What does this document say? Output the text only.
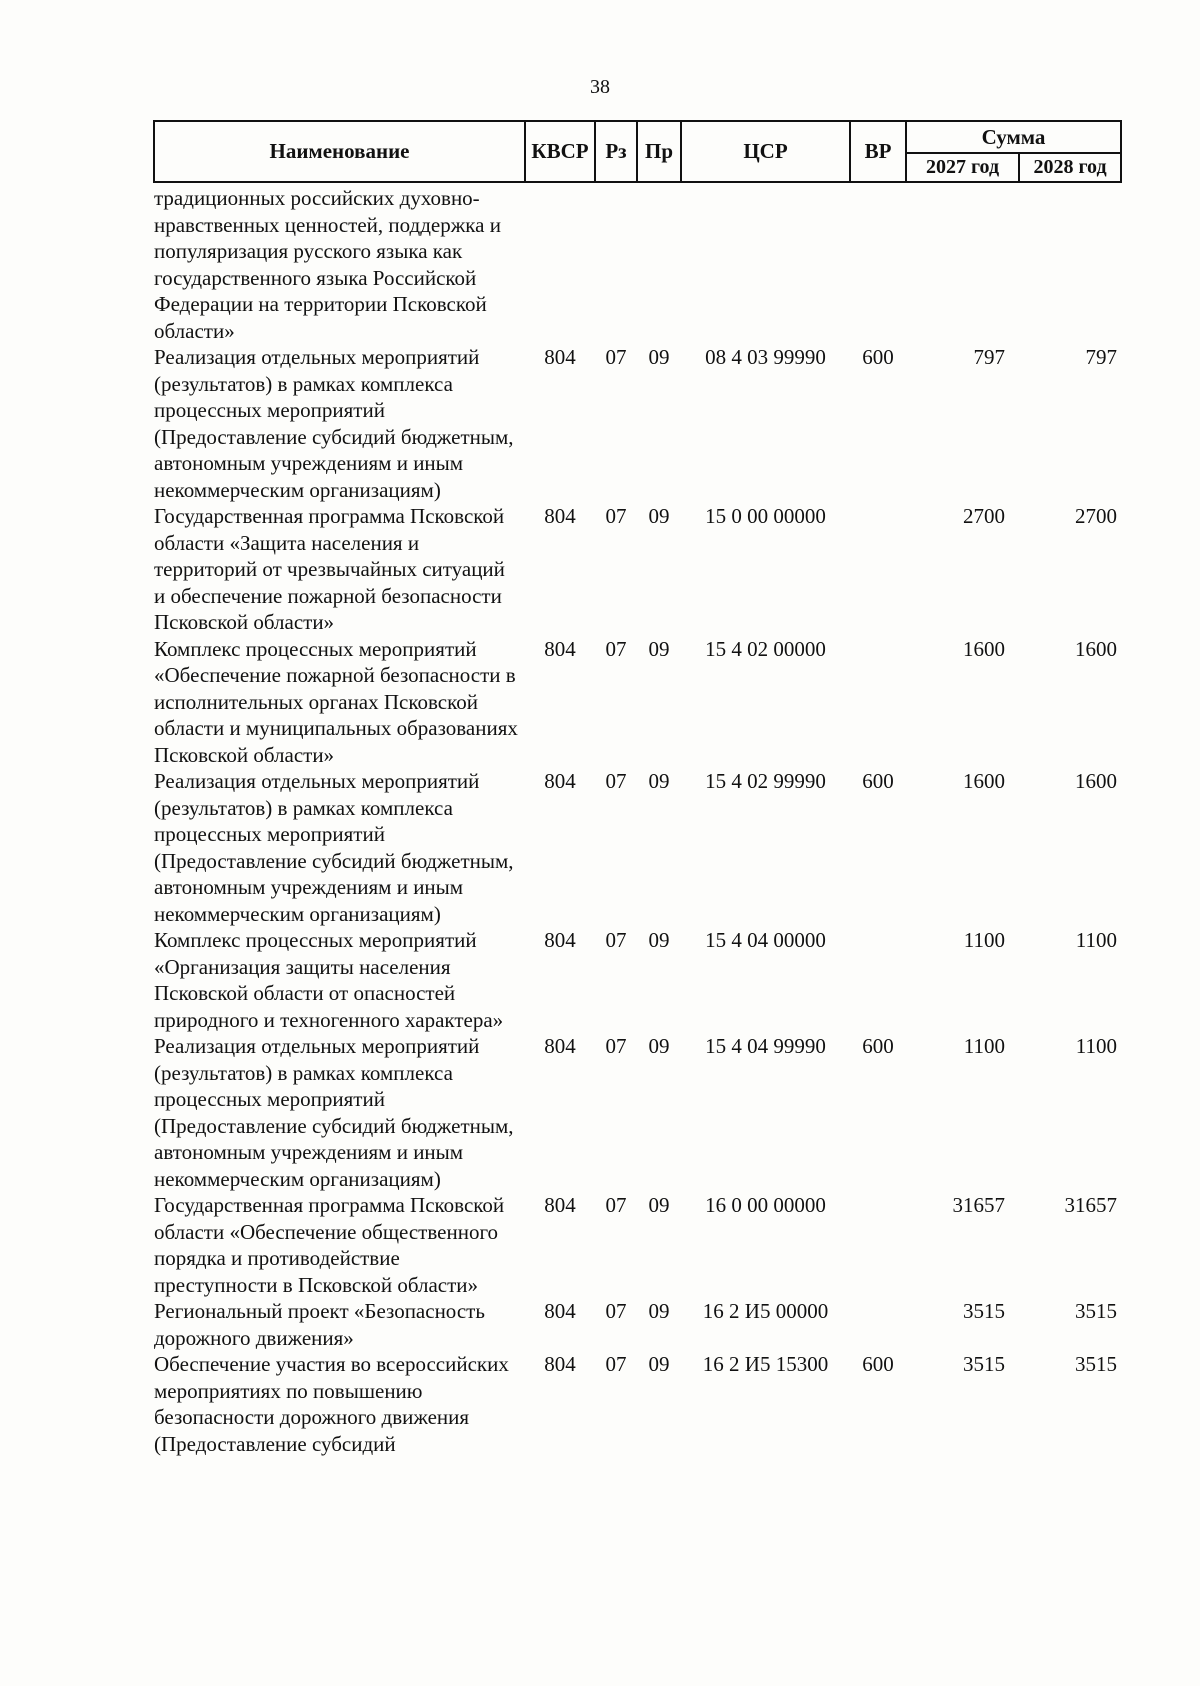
38
Наименование	КВСР	Рз	Пр	ЦСР	ВР	Сумма	
						2027 год	2028 год
традиционных российских духовно-нравственных ценностей, поддержка и популяризация русского языка как государственного языка Российской Федерации на территории Псковской области»							
Реализация отдельных мероприятий (результатов) в рамках комплекса процессных мероприятий (Предоставление субсидий бюджетным, автономным учреждениям и иным некоммерческим организациям)	804	07	09	08 4 03 99990	600	797	797
Государственная программа Псковской области «Защита населения и территорий от чрезвычайных ситуаций и обеспечение пожарной безопасности Псковской области»	804	07	09	15 0 00 00000		2700	2700
Комплекс процессных мероприятий «Обеспечение пожарной безопасности в исполнительных органах Псковской области и муниципальных образованиях Псковской области»	804	07	09	15 4 02 00000		1600	1600
Реализация отдельных мероприятий (результатов) в рамках комплекса процессных мероприятий (Предоставление субсидий бюджетным, автономным учреждениям и иным некоммерческим организациям)	804	07	09	15 4 02 99990	600	1600	1600
Комплекс процессных мероприятий «Организация защиты населения Псковской области от опасностей природного и техногенного характера»	804	07	09	15 4 04 00000		1100	1100
Реализация отдельных мероприятий (результатов) в рамках комплекса процессных мероприятий (Предоставление субсидий бюджетным, автономным учреждениям и иным некоммерческим организациям)	804	07	09	15 4 04 99990	600	1100	1100
Государственная программа Псковской области «Обеспечение общественного порядка и противодействие преступности в Псковской области»	804	07	09	16 0 00 00000		31657	31657
Региональный проект «Безопасность дорожного движения»	804	07	09	16 2 И5 00000		3515	3515
Обеспечение участия во всероссийских мероприятиях по повышению безопасности дорожного движения (Предоставление субсидий	804	07	09	16 2 И5 15300	600	3515	3515
